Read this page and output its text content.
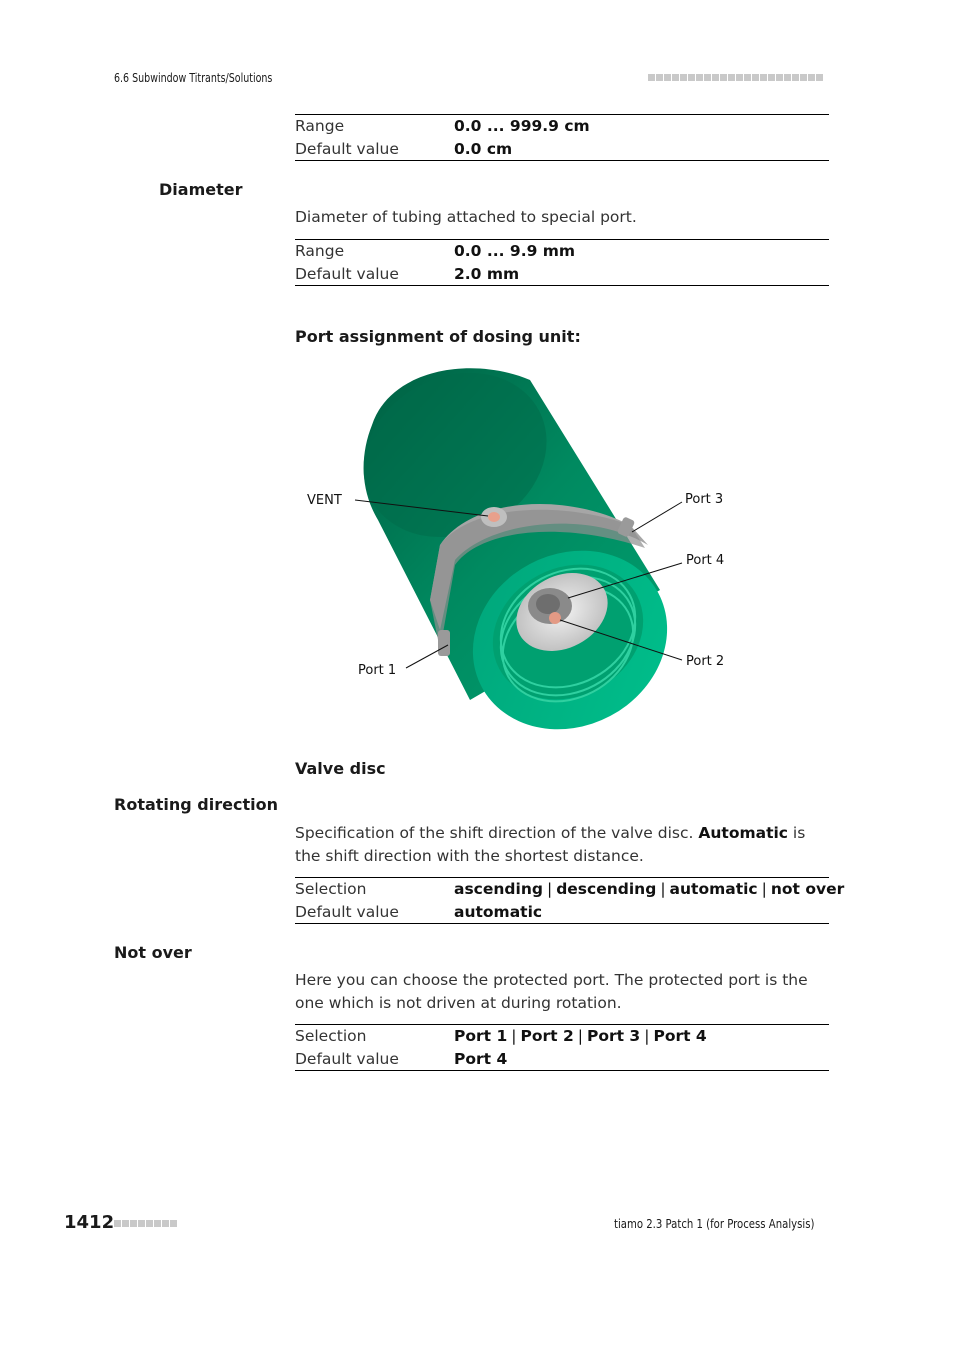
6.6 Subwindow Titrants/Solutions
Range	0.0 ... 999.9 cm
Default value	0.0 cm
Diameter
Diameter of tubing attached to special port.
Range	0.0 ... 9.9 mm
Default value	2.0 mm
Port assignment of dosing unit:
VENT	Port 3
Port 4
Port 2
Port 1
Valve disc
Rotating direction
Specification of the shift direction of the valve disc. Automatic is the shift direction with the shortest distance.
Selection	ascending | descending | automatic | not over
Default value	automatic
Not over
Here you can choose the protected port. The protected port is the one which is not driven at during rotation.
Selection	Port 1 | Port 2 | Port 3 | Port 4
Default value	Port 4
1412	tiamo 2.3 Patch 1 (for Process Analysis)
